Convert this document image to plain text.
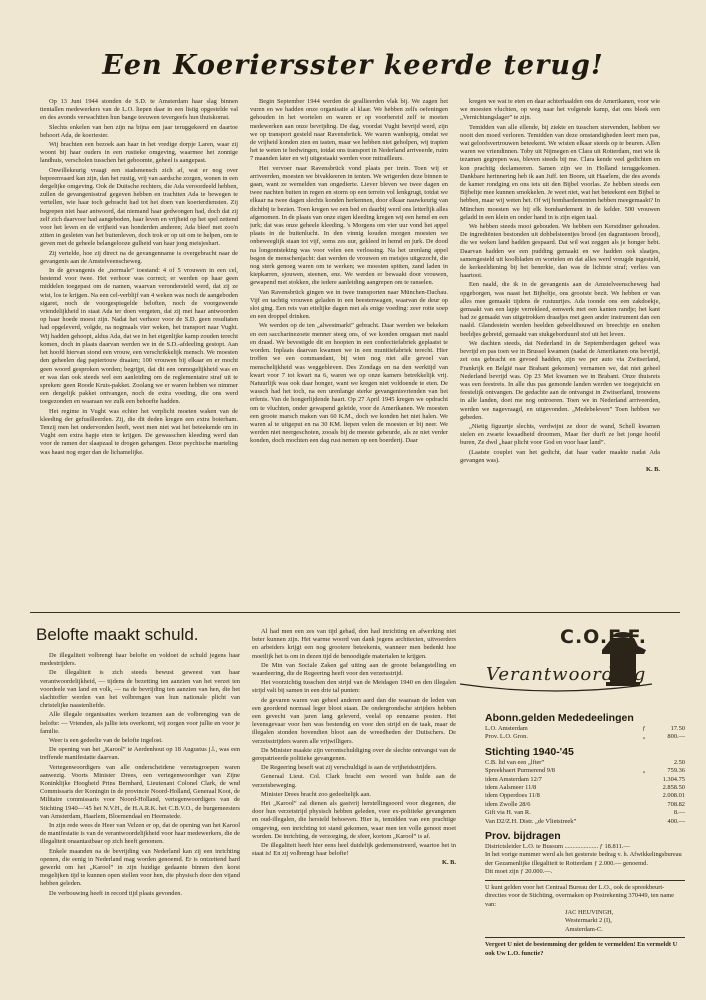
Een Koeriersster keerde terug!

Op 13 Juni 1944 stonden de S.D. te Amsterdam haar slag binnen tientallen medewerkers van de L.O. liepen daar in een listig opgestelde val en des avonds verwachtten hun bange teeuwen tevergeefs hun thuiskomst.

Slechts enkelen van hen zijn na bijna een jaar teruggekeerd en daartoe behoort Ada, de koeriester.

Wij brachten een bezoek aan haar in het vredige dorpje Laren, waar zij woont bij haar ouders in een rustieke omgeving, waarmee het zonnige landhuis, verscholen tusschen het geboomte, geheel is aangepast.

Onwillekeurig vraagt een stadsmensch zich af, wat er nog over bepreenvaard kan zijn, dan het rustig, vrij van aardsche zorgen, wonen in een dergelijke omgeving. Ook de Duitsche rechters, die Ada veroordeeld hebben, zullen de gevangenisstraf gegeven hebben en trachtten Ada te bewegen te vertellen, wie haar toch gebracht had tot het doen van koerierdiensten. Zij begrepen niet haar antwoord, dat niemand haar gedwongen had, doch dat zij zelf zich daarvoor had aangeboden, haar leven en vrijheid op het spel zettend voor het leven en de vrijheid van honderden anderen; Ada bleef met zoo'n zitten in gesleten van het buitenleven, doch trok er op uit om te helpen, om te geven met de geheele belangelooze gulheid van haar jong meisjeshart.

Zij vertelde, hoe zij direct na de gevangenname is overgebracht naar de gevangenis aan de Amstelveenscheweg.

In de gevangenis de „normale” toestand: 4 of 5 vrouwen in een cel, bestemd voor twee. Het verhoor was correct; er werden op haar geen middelen toegepast om de namen, waarvan verondersteld werd, dat zij ze wist, los te krijgen. Na een cel-verblijf van 4 weken was noch de aangeboden sigaret, noch de voorgespiegelde beloften, noch de voorgewende vriendelijkheid in staat Ada ter doen vergeten, dat zij met haar antwoorden op haar hoede moest zijn. Nadat het verhoor voor de S.D. geen resultaten had opgeleverd, volgde, na nogmaals vier weken, het transport naar Vught. Wij hadden gehoopt, aldus Ada, dat we in het eigenlijke kamp zouden terecht komen, doch in plaats daarvan werden we in de S.D.-afdeeling gestopt. Aan het hoofd hiervan stond een vrouw, een verschrikkelijk mensch. We moesten den geheelen dag papiertouw draaien; 100 vrouwen bij elkaar en er mocht geen woord gesproken worden; begrijpt, dat dit een onmogelijkheid was en er was dan ook steeds wel een aanleiding om de reglementaire straf uit te spreken: geen Roode Kruis-pakket. Zoolang we er waren hebben we nimmer een dergelijk pakket ontvangen, noch de extra voeding, die ons werd toegezonden en waaraan we zulk een behoefte hadden.

Het regime in Vught was echter het verplicht moeten waken van de kleeding der gefusilleerden. Zij, die dit deden kregen een extra boterham. Tenzij men het ondervonden heeft, weet men niet wat het beteekende om in Vught een extra hapje eten te krijgen. De gewasschen kleeding werd dan voor de ramen der slaapzaal te drogen gehangen. Deze psychische marteling was haast nog erger dan de lichamelijke.

Begin September 1944 werden de geallieerden vlak bij. We zagen het vuren en we hadden onze organisatie al klaar. We hebben zelfs oefeningen gehouden in het wortelen en waren er op voorbereid zelf te moeten medewerken aan onze bevrijding. De dag, voordat Vught bevrijd werd, zijn we op transport gesteld naar Ravensbrück. We waren wanhopig, omdat we de vrijheid konden zien en tasten, maar we hebben niet geholpen, wij trapten het te weten te bedwingen, totdat ons transport in Nederland arriveerde, ruim 7 maanden later en wij uitgestaakt werden voor mitrailleurs.

Het vervoer naar Ravensbrück vond plaats per trein. Toen wij er arriveerden, moesten we bivakkeeren in tenten. We wrigerden deze binnen te gaan, want ze wemelden van ongedierte. Liever bleven we twee dagen en twee nachten buiten in regen en storm op een terrein vol lenkgrugt, totdat we elkaar na twee dagen slechts konden herkennen, door elkaar nauwkeurig van dichtbij te bezien. Toen kregen we een bed en daarbij werd ons letterlijk alles afgenomen. In de plaats van onze eigen kleeding kregen wij een hemd en een jurk; dat was onze geheele kleeding. 's Morgens om vier uur vond het appel plaats in de buitenlucht. In den vinnig kouden morgen moesten we onbeweeglijk staan tot vijf, soms zes uur, gekleed in hemd en jurk. De dood na longontsteking was voor velen een verlossing. Na het urenlang appel begon de menschenjacht: dan werden de vrouwen en meisjes uitgezocht, die nog sterk genoeg waren om te werken; we moesten spitten, zand laden in kiepkarren, sjouwen, steenen, enz. We werden er bewaakt door vrouwen, gewapend met stokken, die iedere aanleiding aangrepen om te ranselen.

Van Ravensbrück gingen we in twee transporten naar München-Dachau. Vijf en tachtig vrouwen geladen in een beestenwagen, waarvan de deur op slot ging. Een reis van ettelijke dagen met als enige voeding: zeer rotte soep en een droppel drinken.

We werden op de ten „alwestmarkt” gebracht. Daar werden we bekeken en een saccharinezoete menner steeg ons, of we konden omgaan met naald en draad. We bevestigde dit en hoopten in een confectiefabriek geplaatst te worden. Inplaats daarvan kwamen we in een munitiefabriek terecht. Hier troffen we een commandant, bij wien nog niet alle gevoel van menschelijkheid was weggebleven. Des Zondags en na den werktijd van kwart voor 7 tot kwart na 6, waren we op onze kamers betrekkelijk vrij. Natuurlijk was ook daar honger, want we kregen niet voldoende te eten. De wassch had het toch, na een urenlange sterke gevangenisvrienden van het erfenis. Van de hongerlijdende haart. Op 27 April 1945 kregen we opdracht om te vluchten, onder gewapend geleide, voor de Amerikanen. We moesten een groote marsch maken van 60 K.M., doch we konden het niet halen. We waren al te uitgeput en na 30 KM. liepen velen de moesten er bij neer. We werden niet neergeschoten, zooals bij de meeste gebeurde, als ze niet verder konden, doch mochten een dag rust nemen op een boerderij. Daar

kregen we wat te eten en daar achterhaalden ons de Amerikanen, voor wie we moesten vluchten, op weg naar het volgende kamp, dat ons bleek een „Vernichtungslager” te zijn.

Temidden van alle ellende, bij ziekte en tusschen stervenden, hebben we nooit den moed verloren. Temidden van deze omstandigheden leert men pas, wat geloofsvertrouwen beteekent. We wisten elkaar steeds op te beuren. Allen waren we vriendinnen. Toby uit Nijmegen en Clara uit Rotterdam, met wie ik tezamen gegrepen was, bleven steeds bij me. Clara kende veel gedichten en kon prachtig declameeren. Samen zijn we in Holland teruggekomen. Dankbare herinnering heb ik aan Juff. ten Boom, uit Haarlem, die des avonds de kamer rondging en ons iets uit den Bijbel voorlas. Ze hebben steeds een Bijbeltje mee kunnen smokkelen. Je weet niet, wat het beteekent een Bijbel te hebben, maar wij weten het. Of wij bombardementen hebben meegemaakt? In München moesten we bij elk bombardement in de kelder. 500 vrouwen geladd in een klein en onder hand in is zijn eigen taal.

We hebben steeds mooi gebouden. We hebben een Kerstdiner gehouden. De ingrediënten bestonden uit dobbelsteentjes brood (en dagrantsoen brood), die we weken land hadden gespaard. Dat wil wat zeggen als je honger hebt. Daarvan hadden we een pudding gemaakt en we hadden ook slaatjes, samengesteld uit koolbladen en wortelen en dat alles werd vreugde ingesteld, de kerkeeldiening bij het benerkte, dan was de lichtste straf; verlies van haartooi.

Een naald, die ik in de gevangenis aan de Amstelveenscheweg had opgeborgen, was naast het Bijbeltje, ons grootste bezit. We hebben er van alles mee gemaakt tijdens de rustuurtjes. Ada toonde ons een zakdoekje, gemaakt van een lapje verrekleed, eenwerk met een kanten randje; het kant had ze gemaakt van uitgetrokken draadjes met geen ander instrument dan een naald. Glandestein werden beelden gebeeldhouwd en breechtje en snelten beeldjes gebreid, gemaakt van stukgeborduurd stof uit het leven.

We dachten steeds, dat Nederland in de Septemberdagen geheel was bevrijd en pas toen we in Brussel kwamen (nadat de Amerikanen ons bevrijd, zet ons gebracht en gevoed hadden, zijn we per auto via Zwitserland, Frankrijk en België naar Brabant gekomen) vernamen we, dat niet geheel Nederland bevrijd was. Op 23 Mei kwamen we in Brabant. Onze thuisreis was een feestreis. In alle dus pas gemonde landen werden we toegejuicht en feestelijk ontvangen. De gedachte aan de ontvangst in Zwitserland, trouwens in alle landen, doet me nog ontroeren. Toen we in Nederland arriveerden, werden we nagevraagd, en uitgevonden. „Medebeleven” Toen hebben we gebeden.

„Nietig figuurtje slechts, verdwijnt ze door de wand, Schell kwamen stelen en zwarte kwaadheid droomen, Maar fier durft ze het jonge hoofd buren, Ze dwd „haar plicht voor God en voor haar land”.

(Laatste couplet van het gedicht, dat haar vader maakte nadat Ada gevangen was).

K. B.

Belofte maakt schuld.

De illegaliteit volbrengt haar belofte en voldoet de schuld jegens haar medestrijders.

De illegaliteit is zich steeds bewust geweest van haar verantwoordelijkheid, — tijdens de bezetting ten aanzien van het verzet ten voordeele van land en volk, — na de bevrijding ten aanzien van hen, die het slachtoffer werden van het volbrengen van hun nationale plicht van christelijke naastenliefde.

Alle illegale organisaties werken tezamen aan de volbrenging van de belofte: — Vrienden, als jullie iets overkomt, wij zorgen voor jullie en voor je familie.

Weer is een gedeelte van de belofte ingelost.

De opening van het „Karool” te Aerdenhout op 18 Augustus j.l., was een treffende manifestatie daarvan.

Vertegenwoordigers van alle onderscheidene verzetsgroepen waren aanwezig. Voorts Minister Drees, een vertegenwoordiger van Zijne Koninklijke Hoogheid Prins Bernhard, Lieutenant Colonel Clark, de wnd Commissaris der Koningin in de provincie Noord-Holland, Generaal Koot, de Militaire commissaris voor Noord-Holland, vertegenwoordigers van de Stichting 1940—'45 het N.V.H., de H.A.R.K. het C.B.V.O., de burgemeesters van Amsterdam, Haarlem, Bloemendaal en Heemstede.

In zijn rede wees de Heer van Velzen er op, dat de opening van het Karool de manifestatie is van de verantwoordelijkheid voor haar medewerkers, die de illegaliteit onaantastbaar op zich heeft genomen.

Enkele maanden na de bevrijding van Nederland kan zij een inrichting openen, die eenig in Nederland mag worden genoemd. Er is ontzettend hard gewerkt om het „Karool” in zijn huidige gedaante binnen den korst mogelijken tijd te kunnen open stellen voor hen, die physisch door den vijand hebben geleden.

De verbouwing heeft in record tijd plaats gevonden.

Al had men een zes van tijd gehad, don had inrichting en afwerking niet beter kunnen zijn. Het warme woord van dank jegens architecten, uitvoerders en arbeiders krijgt een nog grootere beteekenis, wanneer men bedenkt hoe moeilijk het is om in dezen tijd de benoodigde materialen te krijgen.

De Min van Sociale Zaken gaf uiting aan de groote belangstelling en waardeering, die de Regeering heeft voor den verzetsstrijd.

Het voorzichtig tusschen den strijd van de Meidagen 1940 en den illegalen strijd valt bij samen in een drie tal punten:

de gevaren waren van geheel anderen aard dan die waaraan de leden van een geordend normaal leger bloot staan. De ondergrondsche strijders hebben een gevecht van jaren lang geleverd, veelal op eenzame posten. Het levensgevaar voor hen was bestendig en voor den strijd en de taak, maar de illegalen stonden bovendien bloot aan de wreedheden der Duitschers. De verzetsstrijders waren alle vrijwilligers.

De Minister maakte zijn verontschuldiging over de slechte ontvangst van de gerepatrieerde politieke gevangenen.

De Regeering beseft wat zij verschuldigd is aan de vrijheidsstrijders.

Generaal Lieut. Col. Clark bracht een woord van hulde aan de verzetsbeweging.

Minister Drees bracht zoo gedeeltelijk aan.

Het „Karool” zal dienen als gastvrij herstellingsoord voor diegenen, die door hun verzetstrijd physisch hebben geleden, voor ex-politieke gevangenen en oud-illegalen, die hersteld behoeven. Hier is, temidden van een prachtige omgeving, een inrichting tot stand gekomen, waar men ten volle genoot moet worden. De inrichting, de verzorging, de sfeer, kortom „Karool” is af.

De illegaliteit heeft hier eens heel duidelijk gedemonstreerd, waartoe het in staat is! En zij volbrengt haar belofte!

K. B.

C.O.F.F.
Verantwoording
Abonn.gelden Mededeelingen
L.O. Amsterdam	ƒ	17.50
Prov. L.O. Gron.	„	800.—
Stichting 1940-'45
C.B. lid van een „lfter”	2.50
Spreekhaert Purmerend 9/8	„	759.36
idem Amsterdam 12/7	1.304.75
idem Aalsmeer 11/8	2.858.50
idem Opperdoes 11/8	2.008.01
idem Zwolle 28/6	708.82
Gift via H. van R.	8.—
Van D2/Z.H. Distr. „de Vlietstreek”	400.—
Prov. bijdragen
Districtsleider L.O. te Bussum ..................... ƒ 18.811.—
In het vorige nummer werd als het gesterste bedrag v. h. Afwikkelingsbureau der Gezamenlijke illegaliteit te Rotterdam ƒ 2.000.— genoemd.
Dit moet zijn ƒ 20.000.—.
U kunt gelden voor het Centraal Bureau der L.O., ook de spreekbeurt-directies voor de Stichting, overmaken op Postrekening 370449, ten name van:
JAC HEUVINGH,
Westermarkt 2 (I),
Amsterdam-C.
Vergeet U niet de bestemming der gelden te vermelden! En vermeldt U ook Uw L.O. functie?
